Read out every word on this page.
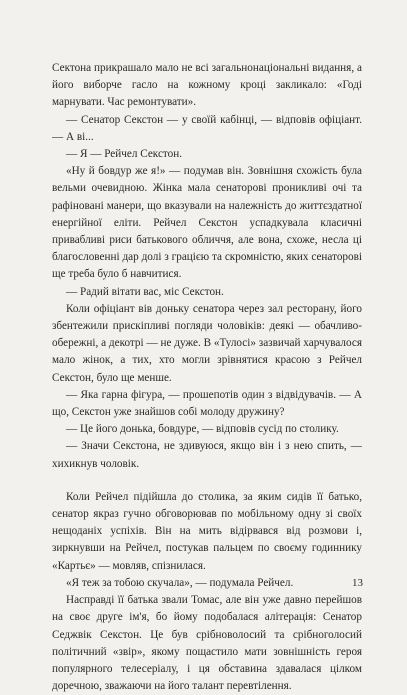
Сектона прикрашало мало не всі загальнонаціональні видання, а його виборче гасло на кожному кроці закликало: «Годі марнувати. Час ремонтувати».

— Сенатор Секстон — у своїй кабінці, — відповів офіціант. — А ві...

— Я — Рейчел Секстон.

«Ну й бовдур же я!» — подумав він. Зовнішня схожість була вельми очевидною. Жінка мала сенаторові проникливі очі та рафіновані манери, що вказували на належність до життєздатної енергійної еліти. Рейчел Секстон успадкувала класичні привабливі риси батькового обличчя, але вона, схоже, несла ці благословенні дар долі з грацією та скромністю, яких сенаторові ще треба було б навчитися.

— Радий вітати вас, міс Секстон.

Коли офіціант вів доньку сенатора через зал ресторану, його збентежили прискіпливі погляди чоловіків: деякі — обачливо-обережні, а декотрі — не дуже. В «Тулосі» зазвичай харчувалося мало жінок, а тих, хто могли зрівнятися красою з Рейчел Секстон, було ще менше.

— Яка гарна фігура, — прошепотів один з відвідувачів. — А що, Секстон уже знайшов собі молоду дружину?

— Це його донька, бовдуре, — відповів сусід по столику.

— Значи Секстона, не здивуюся, якщо він і з нею спить, — хихикнув чоловік.

Коли Рейчел підійшла до столика, за яким сидів її батько, сенатор якраз гучно обговорював по мобільному одну зі своїх нещоданіх успіхів. Він на мить відірвався від розмови і, зиркнувши на Рейчел, постукав пальцем по своєму годиннику «Картьє» — мовляв, спізнилася.

«Я теж за тобою скучала», — подумала Рейчел.

Насправді її батька звали Томас, але він уже давно перейшов на своє друге ім'я, бо йому подобалася алітерація: Сенатор Седжвік Секстон. Це був срібноволосий та срібноголосий політичний «звір», якому пощастило мати зовнішність героя популярного телесеріалу, і ця обставина здавалася цілком доречною, зважаючи на його талант перевтілення.

13
